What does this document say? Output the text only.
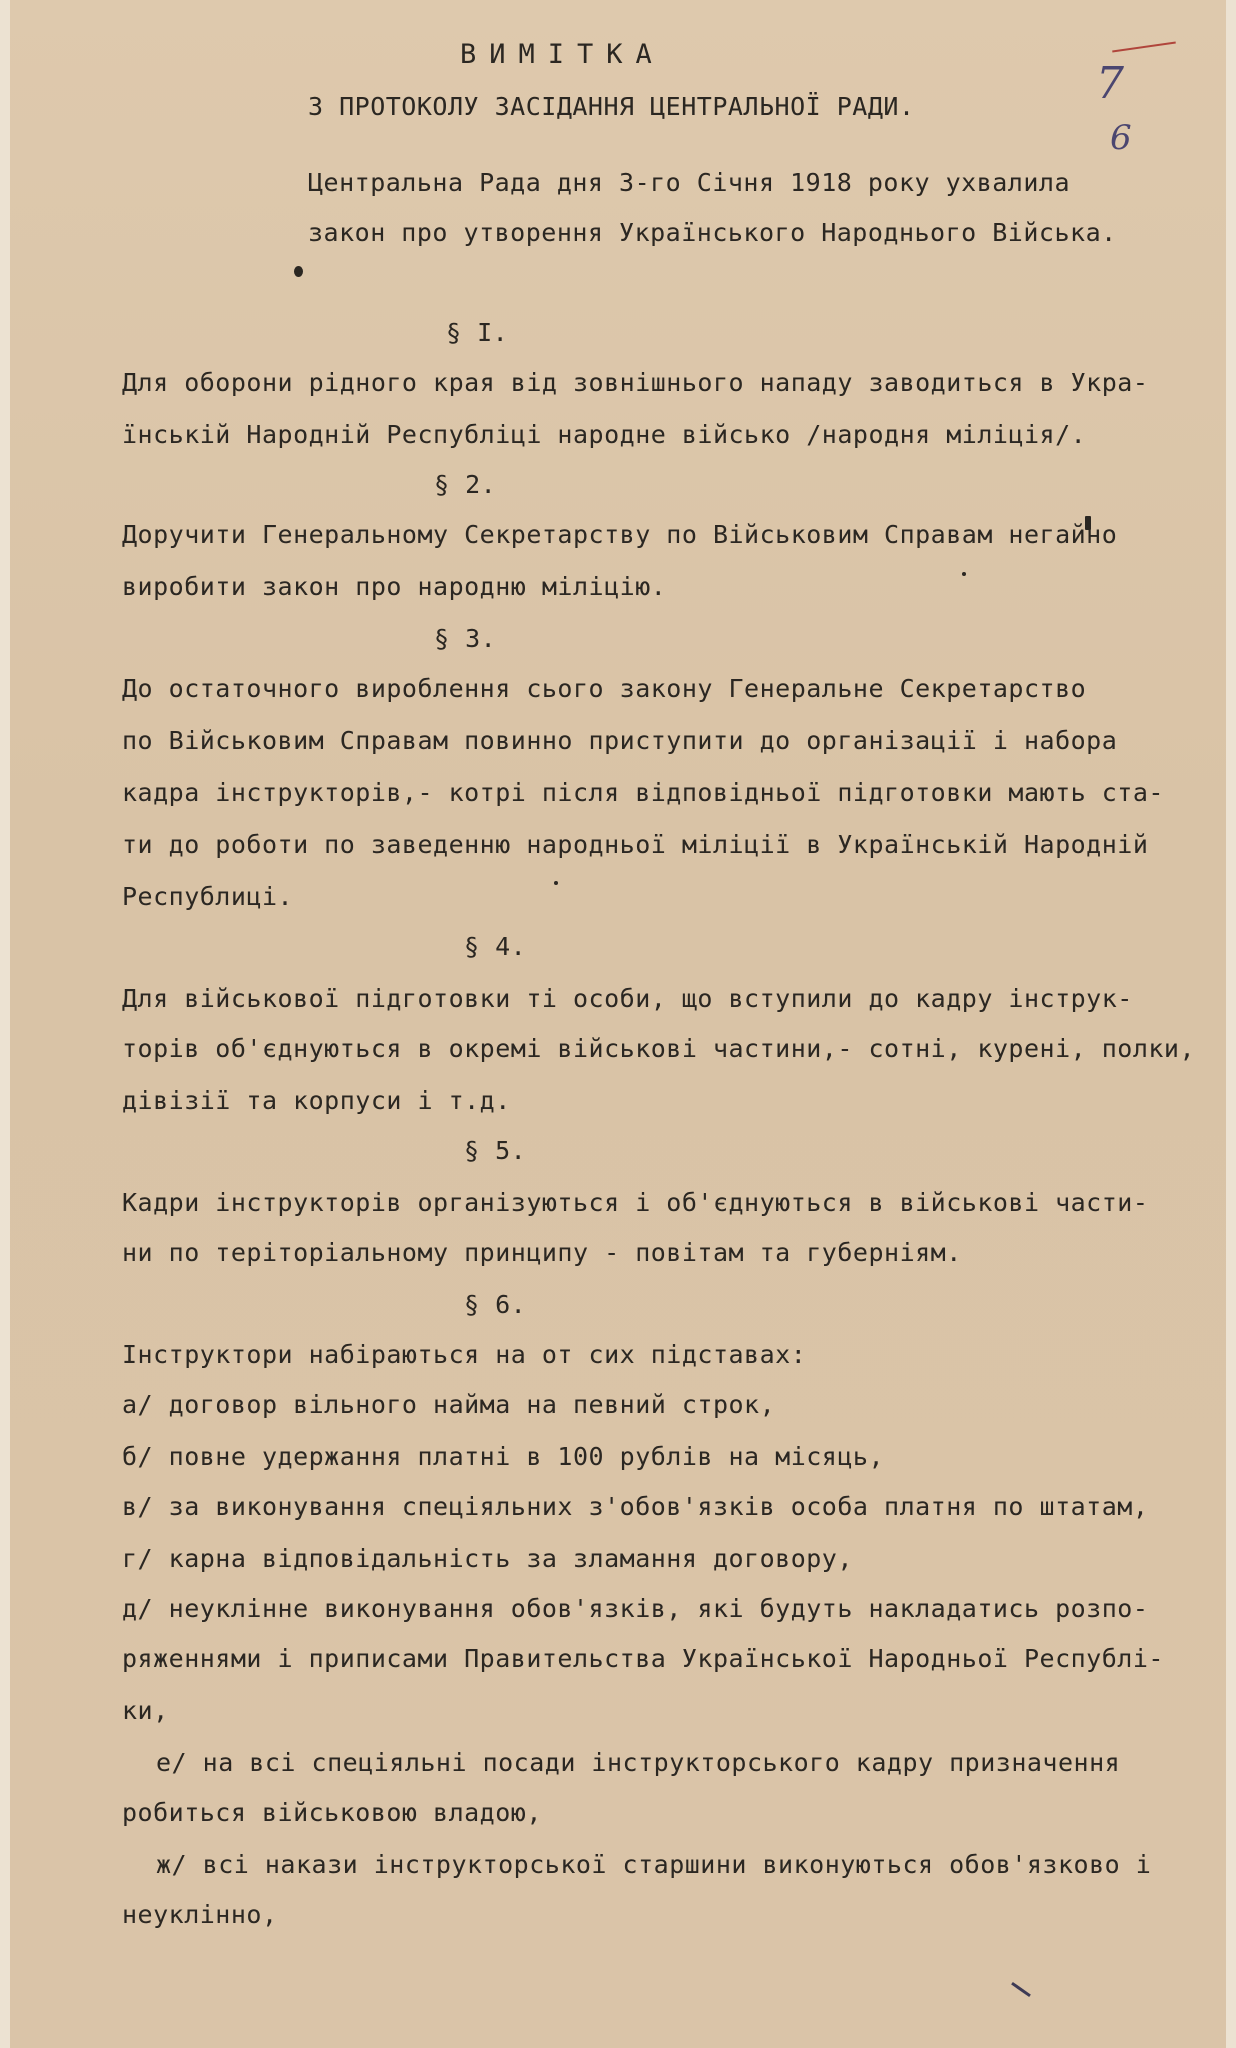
7
6

ВИМІТКА

З ПРОТОКОЛУ ЗАСІДАННЯ ЦЕНТРАЛЬНОЇ РАДИ.

Центральна Рада дня 3-го Січня 1918 року ухвалила

закон про утворення Українського Народнього Війська.

§ І.

Для оборони рідного края від зовнішнього нападу заводиться в Укра-

їнській Народній Республіці народне військо /народня міліція/.

§ 2.

Доручити Генеральному Секретарству по Військовим Справам негайно

виробити закон про народню міліцію.

§ 3.

До остаточного вироблення сього закону Генеральне Секретарство

по Військовим Справам повинно приступити до організації і набора

кадра інструкторів,- котрі після відповідньої підготовки мають ста-

ти до роботи по заведенню народньої міліції в Українській Народній

Республиці.

§ 4.

Для військової підготовки ті особи, що вступили до кадру інструк-

торів об'єднуються в окремі військові частини,- сотні, курені, полки,

дівізії та корпуси і т.д.

§ 5.

Кадри інструкторів організуються і об'єднуються в військові части-

ни по теріторіальному принципу - повітам та губерніям.

§ 6.

Інструктори набіраються на от сих підставах:

а/ договор вільного найма на певний строк,

б/ повне удержання платні в 100 рублів на місяць,

в/ за виконування спеціяльних з'обов'язків особа платня по штатам,

г/ карна відповідальність за зламання договору,

д/ неуклінне виконування обов'язків, які будуть накладатись розпо-

ряженнями і приписами Правительства Української Народньої Республі-

ки,

е/ на всі спеціяльні посади інструкторського кадру призначення

робиться військовою владою,

ж/ всі накази інструкторської старшини виконуються обов'язково і

неуклінно,
